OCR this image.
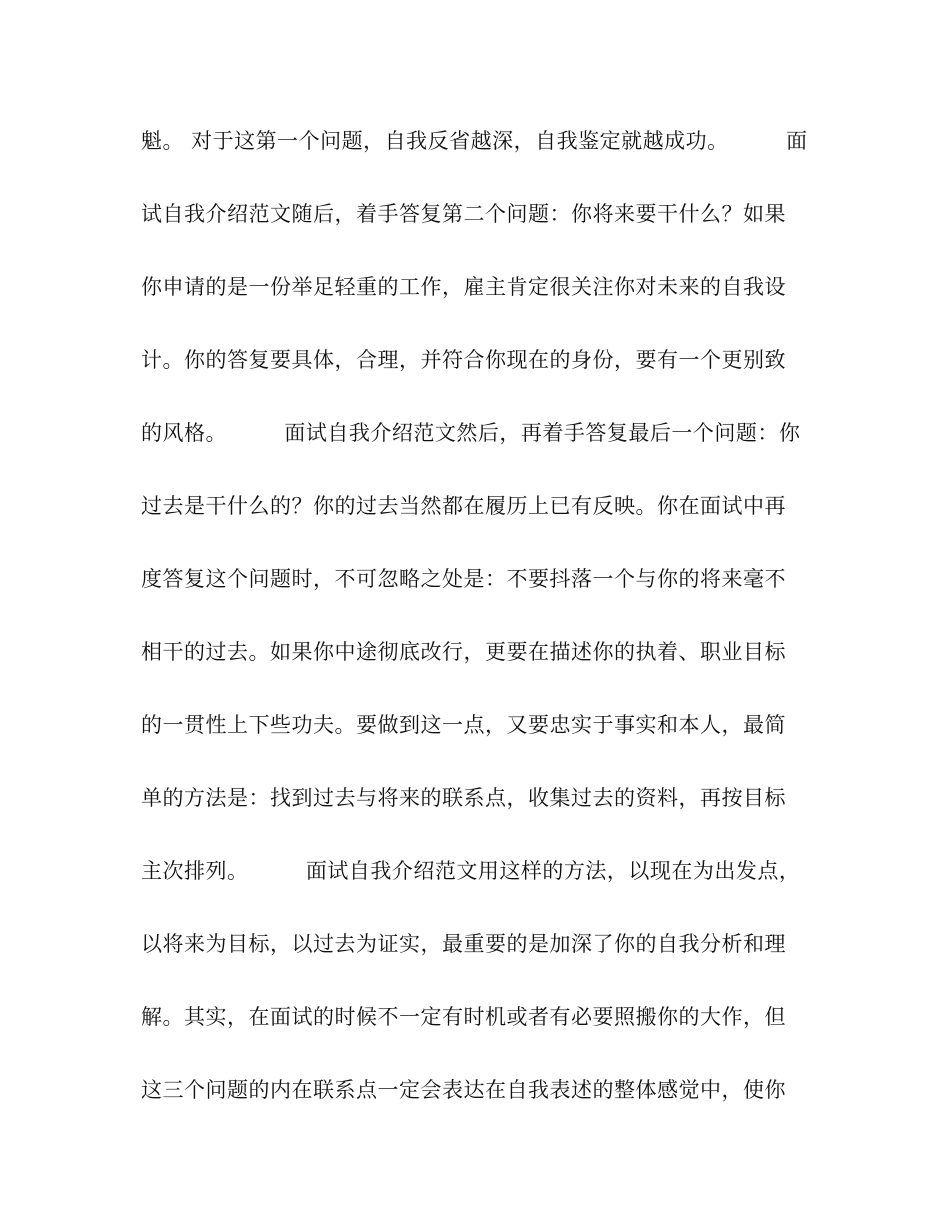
魁。 对于这第一个问题，自我反省越深，自我鉴定就越成功。        面
试自我介绍范文随后，着手答复第二个问题：你将来要干什么？如果
你申请的是一份举足轻重的工作，雇主肯定很关注你对未来的自我设
计。你的答复要具体，合理，并符合你现在的身份，要有一个更别致
的风格。        面试自我介绍范文然后，再着手答复最后一个问题：你
过去是干什么的？你的过去当然都在履历上已有反映。你在面试中再
度答复这个问题时，不可忽略之处是：不要抖落一个与你的将来毫不
相干的过去。如果你中途彻底改行，更要在描述你的执着、职业目标
的一贯性上下些功夫。要做到这一点，又要忠实于事实和本人，最简
单的方法是：找到过去与将来的联系点，收集过去的资料，再按目标
主次排列。        面试自我介绍范文用这样的方法，以现在为出发点，
以将来为目标，以过去为证实，最重要的是加深了你的自我分析和理
解。其实，在面试的时候不一定有时机或者有必要照搬你的大作，但
这三个问题的内在联系点一定会表达在自我表述的整体感觉中，使你
